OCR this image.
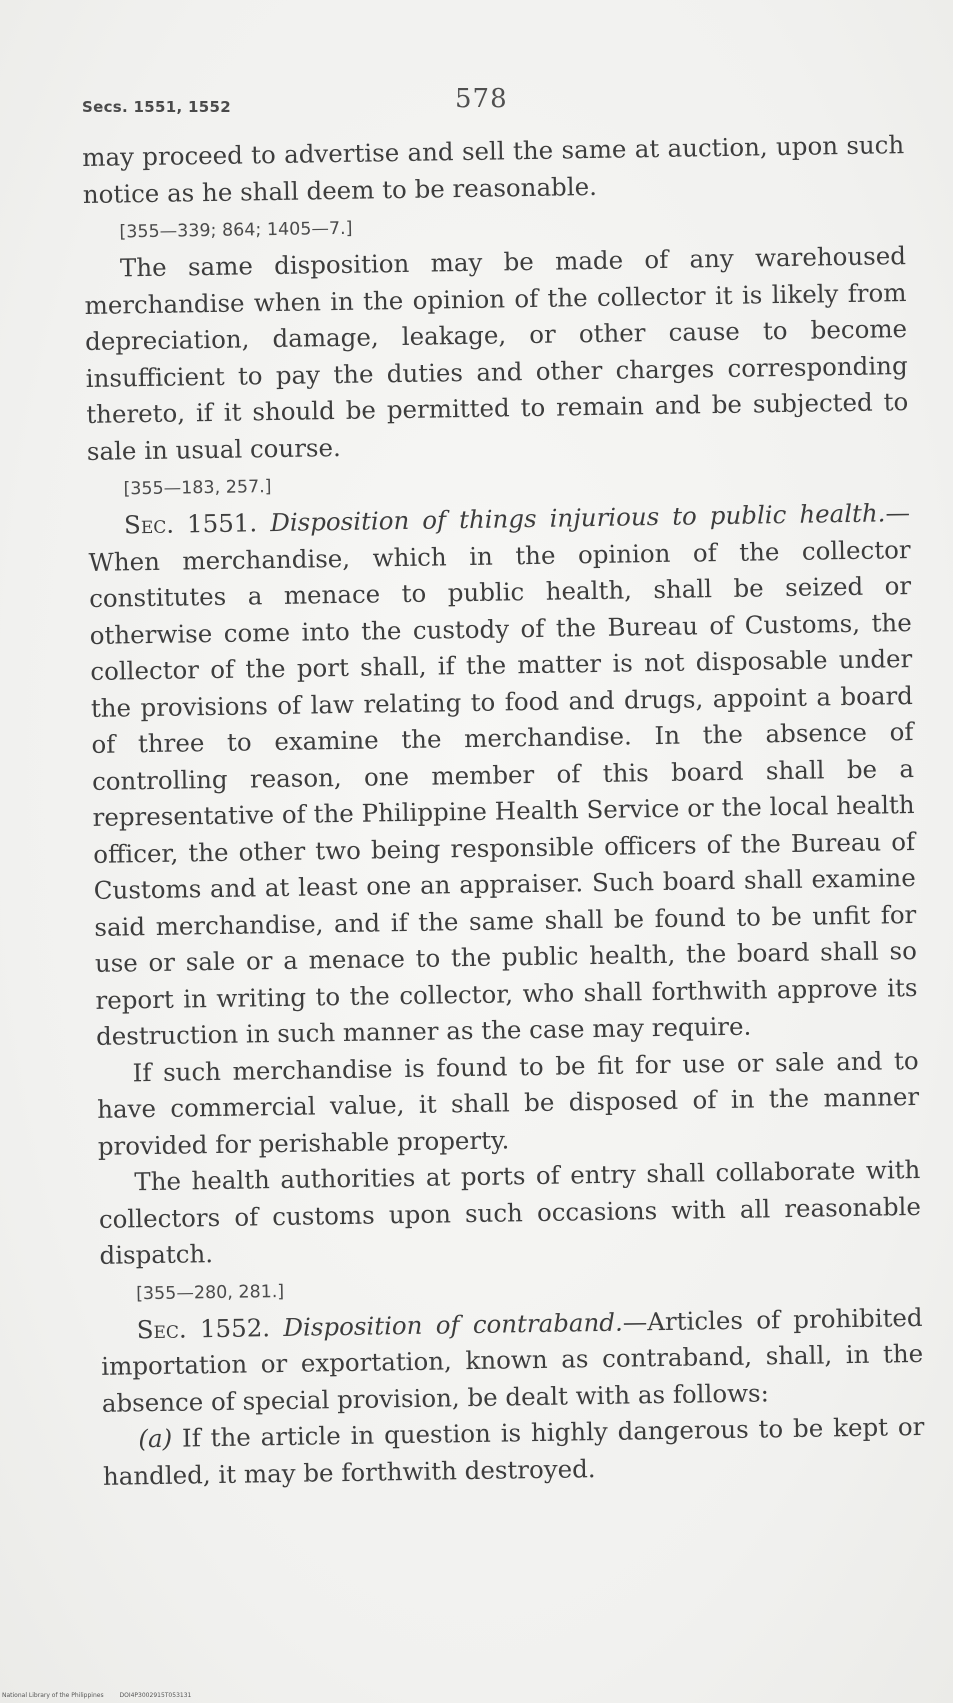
Secs. 1551, 1552	578

may proceed to advertise and sell the same at auction, upon such notice as he shall deem to be reasonable.

[355—339; 864; 1405—7.]

The same disposition may be made of any warehoused merchandise when in the opinion of the collector it is likely from depreciation, damage, leakage, or other cause to become insufficient to pay the duties and other charges corresponding thereto, if it should be permitted to remain and be subjected to sale in usual course.

[355—183, 257.]

Sec. 1551. Disposition of things injurious to public health.—When merchandise, which in the opinion of the collector constitutes a menace to public health, shall be seized or otherwise come into the custody of the Bureau of Customs, the collector of the port shall, if the matter is not disposable under the provisions of law relating to food and drugs, appoint a board of three to examine the merchandise. In the absence of controlling reason, one member of this board shall be a representative of the Philippine Health Service or the local health officer, the other two being responsible officers of the Bureau of Customs and at least one an appraiser. Such board shall examine said merchandise, and if the same shall be found to be unfit for use or sale or a menace to the public health, the board shall so report in writing to the collector, who shall forthwith approve its destruction in such manner as the case may require.

If such merchandise is found to be fit for use or sale and to have commercial value, it shall be disposed of in the manner provided for perishable property.

The health authorities at ports of entry shall collaborate with collectors of customs upon such occasions with all reasonable dispatch.

[355—280, 281.]

Sec. 1552. Disposition of contraband.—Articles of prohibited importation or exportation, known as contraband, shall, in the absence of special provision, be dealt with as follows:

(a) If the article in question is highly dangerous to be kept or handled, it may be forthwith destroyed.

National Library of the Philippines	DOI4P3002915T053131
